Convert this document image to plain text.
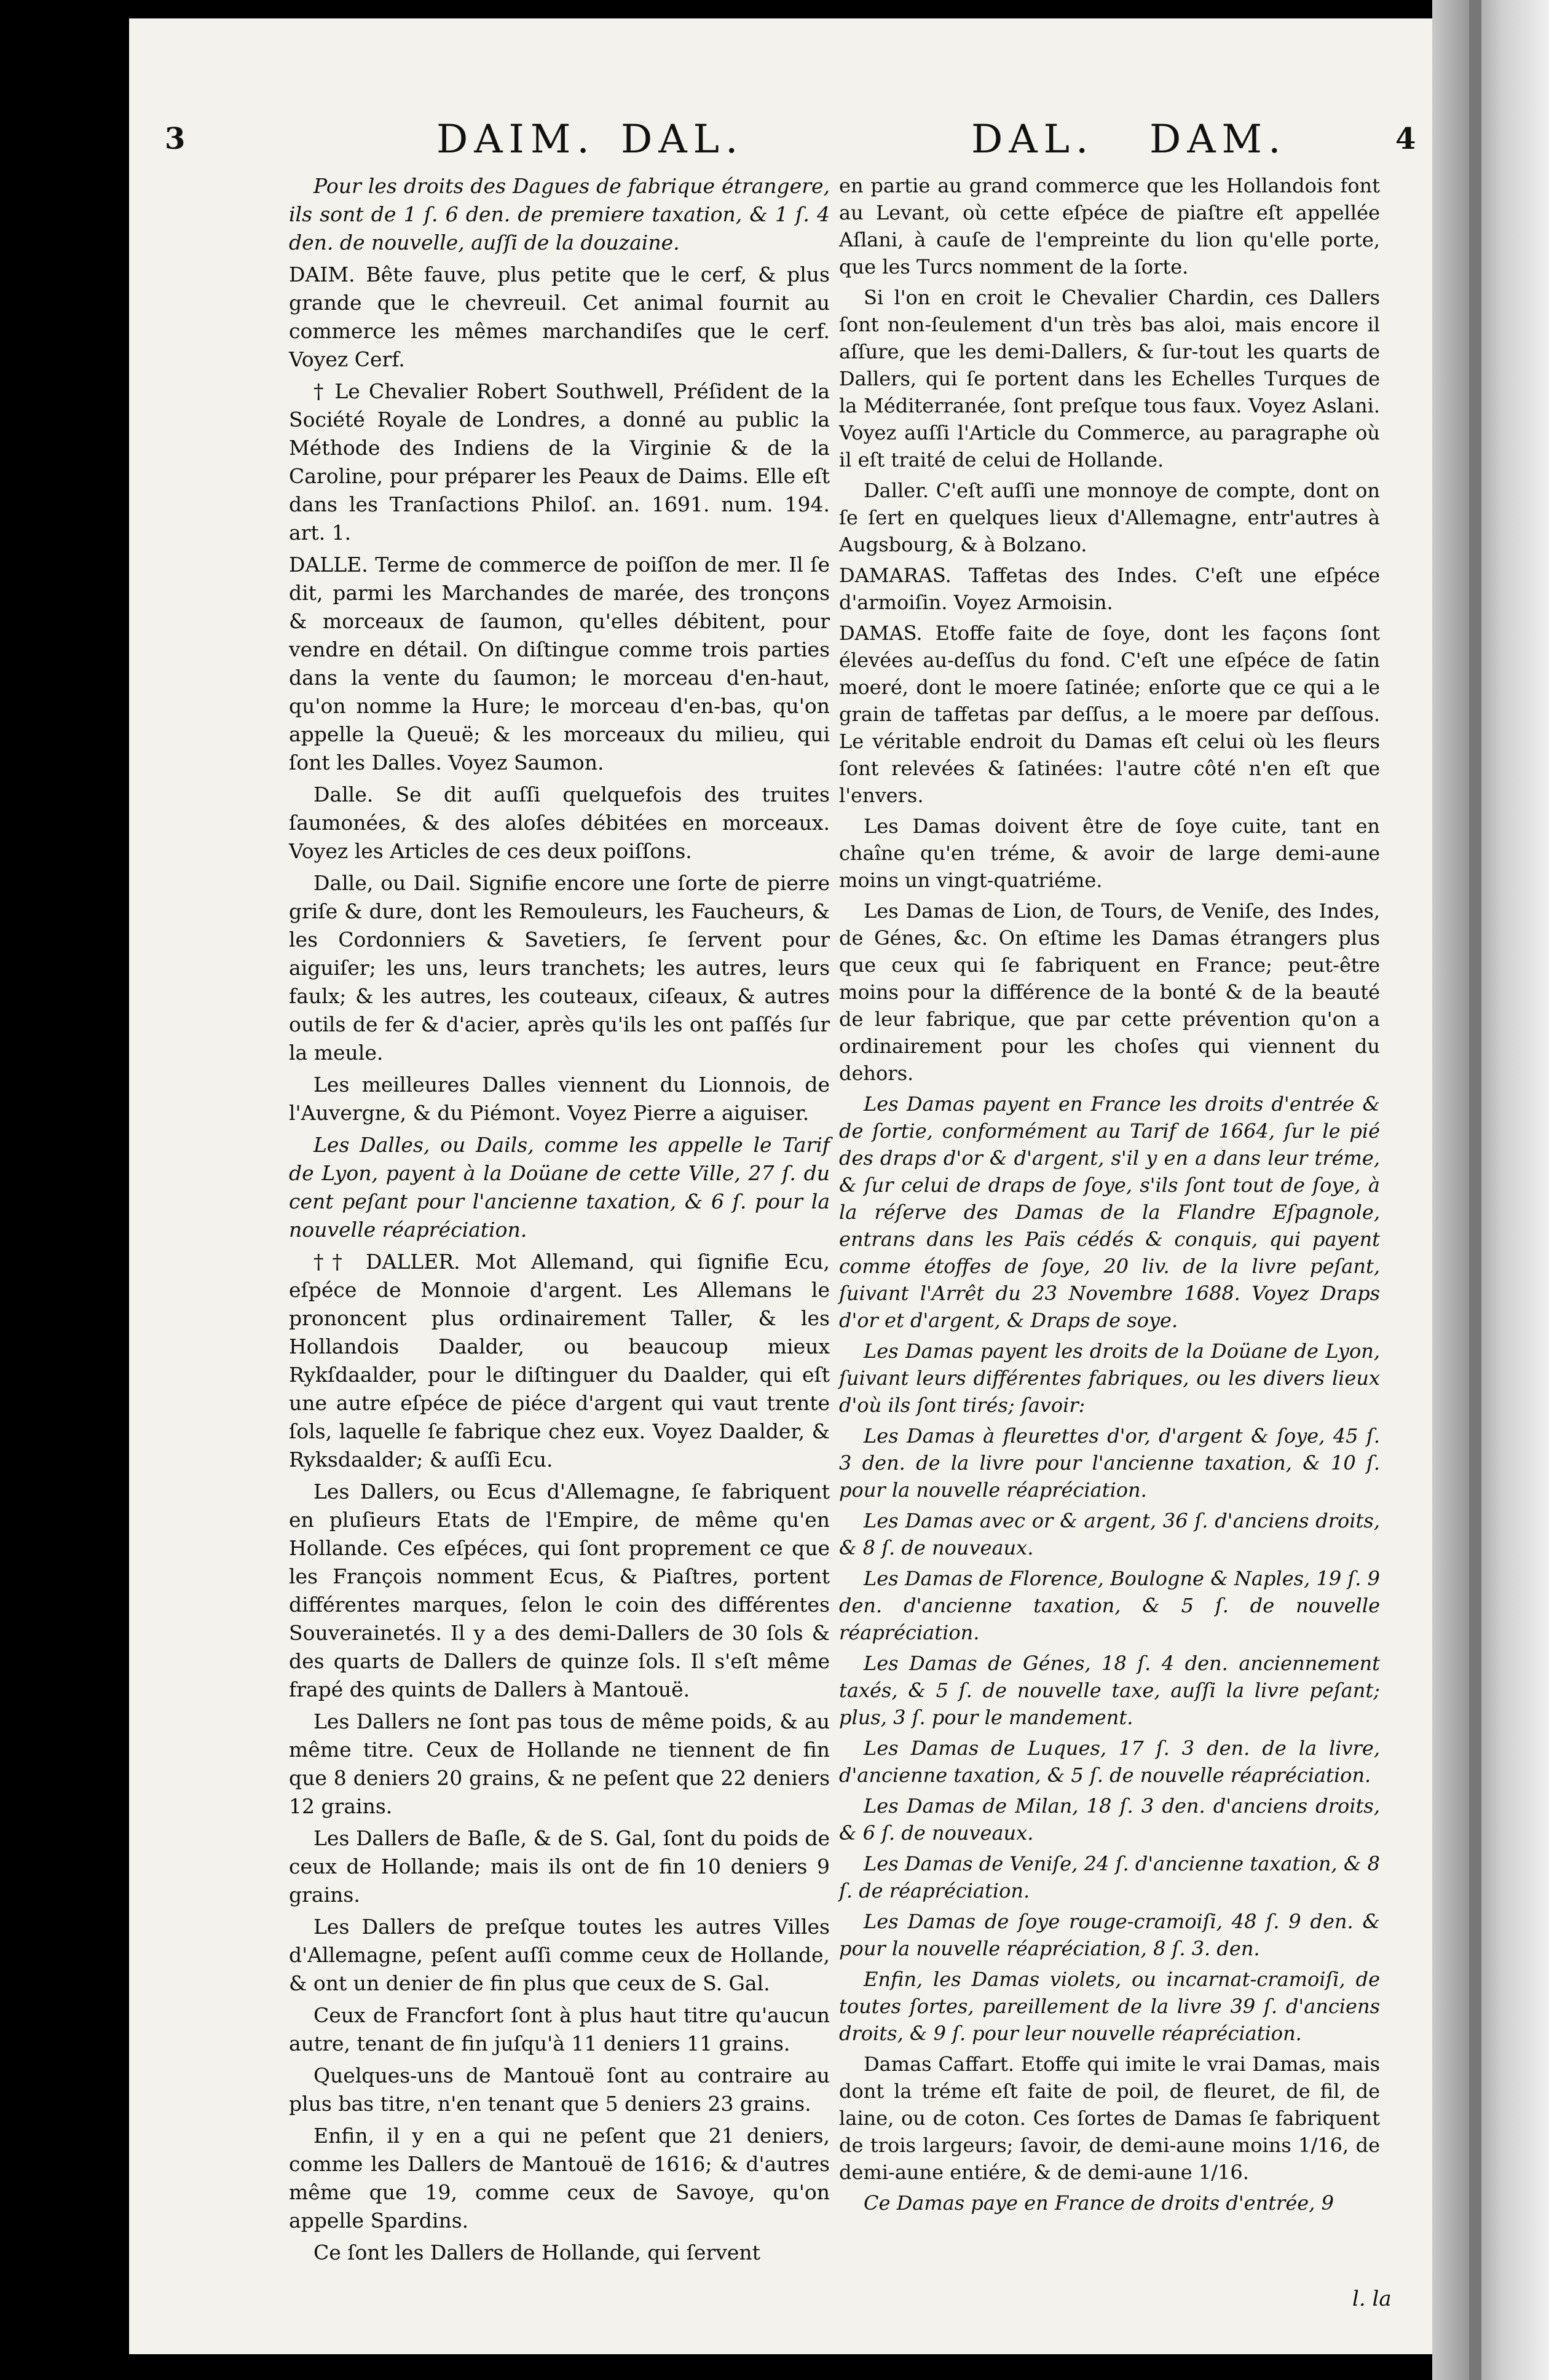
3	DAIM. DAL.	DAL. DAM.	4

Pour les droits des Dagues de fabrique étrangere, ils sont de 1 ſ. 6 den. de premiere taxation, & 1 ſ. 4 den. de nouvelle, auſſi de la douzaine.

DAIM. Bête fauve, plus petite que le cerf, & plus grande que le chevreuil. Cet animal fournit au commerce les mêmes marchandiſes que le cerf. Voyez Cerf.

† Le Chevalier Robert Southwell, Préſident de la Société Royale de Londres, a donné au public la Méthode des Indiens de la Virginie & de la Caroline, pour préparer les Peaux de Daims. Elle eſt dans les Tranſactions Philoſ. an. 1691. num. 194. art. 1.

DALLE. Terme de commerce de poiſſon de mer. Il ſe dit, parmi les Marchandes de marée, des tronçons & morceaux de ſaumon, qu'elles débitent, pour vendre en détail. On diſtingue comme trois parties dans la vente du ſaumon; le morceau d'en-haut, qu'on nomme la Hure; le morceau d'en-bas, qu'on appelle la Queuë; & les morceaux du milieu, qui ſont les Dalles. Voyez Saumon.

Dalle. Se dit auſſi quelquefois des truites ſaumonées, & des aloſes débitées en morceaux. Voyez les Articles de ces deux poiſſons.

Dalle, ou Dail. Signifie encore une ſorte de pierre griſe & dure, dont les Remouleurs, les Faucheurs, & les Cordonniers & Savetiers, ſe ſervent pour aiguiſer; les uns, leurs tranchets; les autres, leurs faulx; & les autres, les couteaux, ciſeaux, & autres outils de fer & d'acier, après qu'ils les ont paſſés ſur la meule.

Les meilleures Dalles viennent du Lionnois, de l'Auvergne, & du Piémont. Voyez Pierre a aiguiser.

Les Dalles, ou Dails, comme les appelle le Tarif de Lyon, payent à la Doüane de cette Ville, 27 ſ. du cent peſant pour l'ancienne taxation, & 6 ſ. pour la nouvelle réapréciation.

†† DALLER. Mot Allemand, qui ſignifie Ecu, eſpéce de Monnoie d'argent. Les Allemans le prononcent plus ordinairement Taller, & les Hollandois Daalder, ou beaucoup mieux Rykſdaalder, pour le diſtinguer du Daalder, qui eſt une autre eſpéce de piéce d'argent qui vaut trente ſols, laquelle ſe fabrique chez eux. Voyez Daalder, & Ryksdaalder; & auſſi Ecu.

Les Dallers, ou Ecus d'Allemagne, ſe fabriquent en pluſieurs Etats de l'Empire, de même qu'en Hollande. Ces eſpéces, qui ſont proprement ce que les François nomment Ecus, & Piaſtres, portent différentes marques, ſelon le coin des différentes Souverainetés. Il y a des demi-Dallers de 30 ſols & des quarts de Dallers de quinze ſols. Il s'eſt même frapé des quints de Dallers à Mantouë.

Les Dallers ne ſont pas tous de même poids, & au même titre. Ceux de Hollande ne tiennent de fin que 8 deniers 20 grains, & ne peſent que 22 deniers 12 grains.

Les Dallers de Baſle, & de S. Gal, ſont du poids de ceux de Hollande; mais ils ont de fin 10 deniers 9 grains.

Les Dallers de preſque toutes les autres Villes d'Allemagne, peſent auſſi comme ceux de Hollande, & ont un denier de fin plus que ceux de S. Gal.

Ceux de Francfort ſont à plus haut titre qu'aucun autre, tenant de fin juſqu'à 11 deniers 11 grains.

Quelques-uns de Mantouë ſont au contraire au plus bas titre, n'en tenant que 5 deniers 23 grains.

Enfin, il y en a qui ne peſent que 21 deniers, comme les Dallers de Mantouë de 1616; & d'autres même que 19, comme ceux de Savoye, qu'on appelle Spardins.

Ce ſont les Dallers de Hollande, qui ſervent

en partie au grand commerce que les Hollandois font au Levant, où cette eſpéce de piaſtre eſt appellée Aſlani, à cauſe de l'empreinte du lion qu'elle porte, que les Turcs nomment de la ſorte.

Si l'on en croit le Chevalier Chardin, ces Dallers ſont non-ſeulement d'un très bas aloi, mais encore il aſſure, que les demi-Dallers, & ſur-tout les quarts de Dallers, qui ſe portent dans les Echelles Turques de la Méditerranée, ſont preſque tous faux. Voyez Aslani. Voyez auſſi l'Article du Commerce, au paragraphe où il eſt traité de celui de Hollande.

Daller. C'eſt auſſi une monnoye de compte, dont on ſe ſert en quelques lieux d'Allemagne, entr'autres à Augsbourg, & à Bolzano.

DAMARAS. Taffetas des Indes. C'eſt une eſpéce d'armoiſin. Voyez Armoisin.

DAMAS. Etoffe faite de ſoye, dont les façons ſont élevées au-deſſus du fond. C'eſt une eſpéce de ſatin moeré, dont le moere ſatinée; enſorte que ce qui a le grain de taffetas par deſſus, a le moere par deſſous. Le véritable endroit du Damas eſt celui où les fleurs ſont relevées & ſatinées: l'autre côté n'en eſt que l'envers.

Les Damas doivent être de ſoye cuite, tant en chaîne qu'en tréme, & avoir de large demi-aune moins un vingt-quatriéme.

Les Damas de Lion, de Tours, de Veniſe, des Indes, de Génes, &c. On eſtime les Damas étrangers plus que ceux qui ſe fabriquent en France; peut-être moins pour la différence de la bonté & de la beauté de leur fabrique, que par cette prévention qu'on a ordinairement pour les choſes qui viennent du dehors.

Les Damas payent en France les droits d'entrée & de ſortie, conformément au Tarif de 1664, ſur le pié des draps d'or & d'argent, s'il y en a dans leur tréme, & ſur celui de draps de ſoye, s'ils ſont tout de ſoye, à la réſerve des Damas de la Flandre Eſpagnole, entrans dans les Païs cédés & conquis, qui payent comme étoffes de ſoye, 20 liv. de la livre peſant, ſuivant l'Arrêt du 23 Novembre 1688. Voyez Draps d'or et d'argent, & Draps de soye.

Les Damas payent les droits de la Doüane de Lyon, ſuivant leurs différentes fabriques, ou les divers lieux d'où ils ſont tirés; ſavoir:

Les Damas à fleurettes d'or, d'argent & ſoye, 45 ſ. 3 den. de la livre pour l'ancienne taxation, & 10 ſ. pour la nouvelle réapréciation.

Les Damas avec or & argent, 36 ſ. d'anciens droits, & 8 ſ. de nouveaux.

Les Damas de Florence, Boulogne & Naples, 19 ſ. 9 den. d'ancienne taxation, & 5 ſ. de nouvelle réapréciation.

Les Damas de Génes, 18 ſ. 4 den. anciennement taxés, & 5 ſ. de nouvelle taxe, auſſi la livre peſant; plus, 3 ſ. pour le mandement.

Les Damas de Luques, 17 ſ. 3 den. de la livre, d'ancienne taxation, & 5 ſ. de nouvelle réapréciation.

Les Damas de Milan, 18 ſ. 3 den. d'anciens droits, & 6 ſ. de nouveaux.

Les Damas de Veniſe, 24 ſ. d'ancienne taxation, & 8 ſ. de réapréciation.

Les Damas de ſoye rouge-cramoiſi, 48 ſ. 9 den. & pour la nouvelle réapréciation, 8 ſ. 3. den.

Enfin, les Damas violets, ou incarnat-cramoiſi, de toutes ſortes, pareillement de la livre 39 ſ. d'anciens droits, & 9 ſ. pour leur nouvelle réapréciation.

Damas Caffart. Etoffe qui imite le vrai Damas, mais dont la tréme eſt faite de poil, de fleuret, de fil, de laine, ou de coton. Ces ſortes de Damas ſe fabriquent de trois largeurs; ſavoir, de demi-aune moins 1/16, de demi-aune entiére, & de demi-aune 1/16.

Ce Damas paye en France de droits d'entrée, 9

l. la
